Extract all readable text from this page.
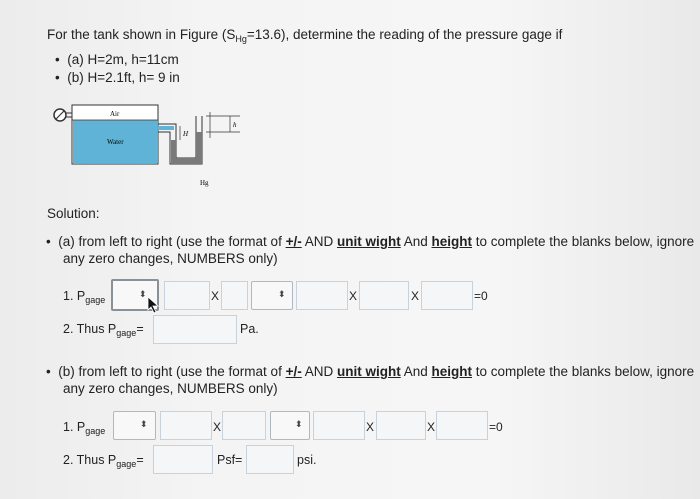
For the tank shown in Figure $(S_{Hg}=13.6)$, determine the reading of the pressure gage if
•  (a) H=2m, h=11cm
•  (b) H=2.1ft, h= 9 in
Air
Water
H
h
Hg
Solution:
•  (a) from left to right (use the format of +/- AND unit wight And height to complete the blanks below, ignore
any zero changes, NUMBERS only)
1. $P_{gage}$
⬍	X	⬍	X	X	=0
2. Thus $P_{gage}=$	Pa.
•  (b) from left to right (use the format of +/- AND unit wight And height to complete the blanks below, ignore
any zero changes, NUMBERS only)
1. $P_{gage}$
⬍	X	⬍	X	X	=0
2. Thus $P_{gage}=$	Psf=	psi.
